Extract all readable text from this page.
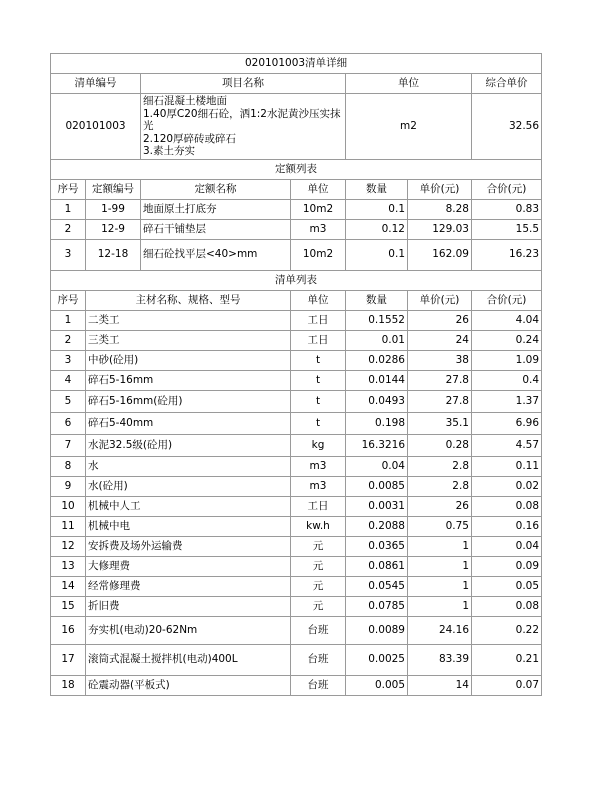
020101003清单详细						
清单编号		项目名称		单位		综合单价
020101003		细石混凝土楼地面
1.40厚C20细石砼，洒1:2水泥黄沙压实抹光
2.120厚碎砖或碎石
3.素土夯实		m2		32.56
定额列表						
序号	定额编号	定额名称	单位	数量	单价(元)	合价(元)
1	1-99	地面原土打底夯	10m2	0.1	8.28	0.83
2	12-9	碎石干铺垫层	m3	0.12	129.03	15.5
3	12-18	细石砼找平层<40>mm	10m2	0.1	162.09	16.23
清单列表						
序号	主材名称、规格、型号		单位	数量	单价(元)	合价(元)
1	二类工		工日	0.1552	26	4.04
2	三类工		工日	0.01	24	0.24
3	中砂(砼用)		t	0.0286	38	1.09
4	碎石5-16mm		t	0.0144	27.8	0.4
5	碎石5-16mm(砼用)		t	0.0493	27.8	1.37
6	碎石5-40mm		t	0.198	35.1	6.96
7	水泥32.5级(砼用)		kg	16.3216	0.28	4.57
8	水		m3	0.04	2.8	0.11
9	水(砼用)		m3	0.0085	2.8	0.02
10	机械中人工		工日	0.0031	26	0.08
11	机械中电		kw.h	0.2088	0.75	0.16
12	安拆费及场外运输费		元	0.0365	1	0.04
13	大修理费		元	0.0861	1	0.09
14	经常修理费		元	0.0545	1	0.05
15	折旧费		元	0.0785	1	0.08
16	夯实机(电动)20-62Nm		台班	0.0089	24.16	0.22
17	滚筒式混凝土搅拌机(电动)400L		台班	0.0025	83.39	0.21
18	砼震动器(平板式)		台班	0.005	14	0.07
